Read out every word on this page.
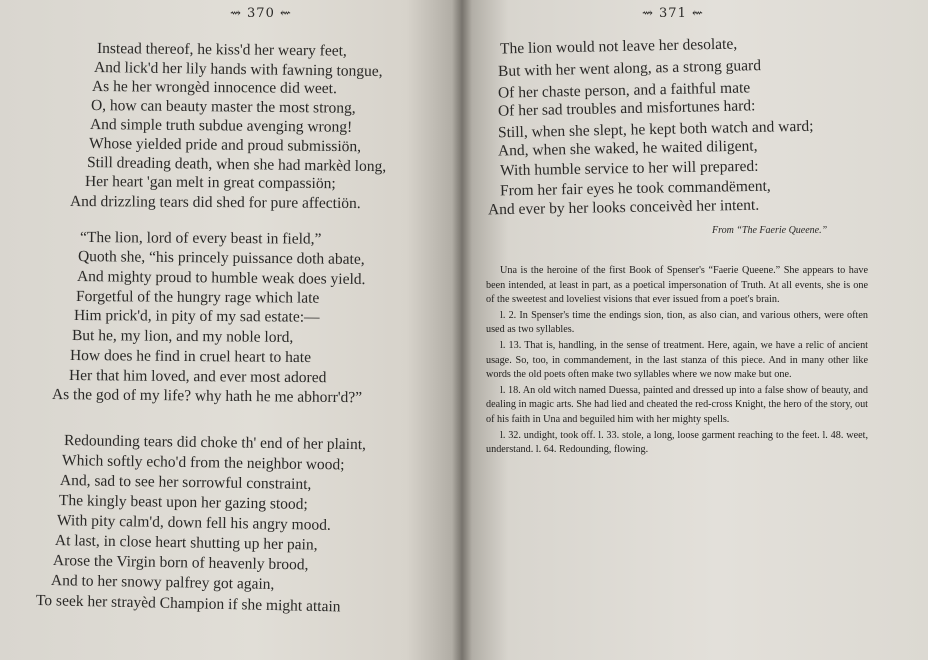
⇝ 370 ⇜
Instead thereof, he kiss'd her weary feet,
And lick'd her lily hands with fawning tongue,
As he her wrongèd innocence did weet.
O, how can beauty master the most strong,
And simple truth subdue avenging wrong!
Whose yielded pride and proud submissiön,
Still dreading death, when she had markèd long,
Her heart 'gan melt in great compassiön;
And drizzling tears did shed for pure affectiön.
“The lion, lord of every beast in field,”
Quoth she, “his princely puissance doth abate,
And mighty proud to humble weak does yield.
Forgetful of the hungry rage which late
Him prick'd, in pity of my sad estate:—
But he, my lion, and my noble lord,
How does he find in cruel heart to hate
Her that him loved, and ever most adored
As the god of my life? why hath he me abhorr'd?”
Redounding tears did choke th' end of her plaint,
Which softly echo'd from the neighbor wood;
And, sad to see her sorrowful constraint,
The kingly beast upon her gazing stood;
With pity calm'd, down fell his angry mood.
At last, in close heart shutting up her pain,
Arose the Virgin born of heavenly brood,
And to her snowy palfrey got again,
To seek her strayèd Champion if she might attain
⇝ 371 ⇜
The lion would not leave her desolate,
But with her went along, as a strong guard
Of her chaste person, and a faithful mate
Of her sad troubles and misfortunes hard:
Still, when she slept, he kept both watch and ward;
And, when she waked, he waited diligent,
With humble service to her will prepared:
From her fair eyes he took commandëment,
And ever by her looks conceivèd her intent.
From “The Faerie Queene.”

Una is the heroine of the first Book of Spenser's “Faerie Queene.” She appears to have been intended, at least in part, as a poetical impersonation of Truth. At all events, she is one of the sweetest and loveliest visions that ever issued from a poet's brain.

l. 2. In Spenser's time the endings sion, tion, as also cian, and various others, were often used as two syllables.

l. 13. That is, handling, in the sense of treatment. Here, again, we have a relic of ancient usage. So, too, in commandement, in the last stanza of this piece. And in many other like words the old poets often make two syllables where we now make but one.

l. 18. An old witch named Duessa, painted and dressed up into a false show of beauty, and dealing in magic arts. She had lied and cheated the red-cross Knight, the hero of the story, out of his faith in Una and beguiled him with her mighty spells.

l. 32. undight, took off. l. 33. stole, a long, loose garment reaching to the feet. l. 48. weet, understand. l. 64. Redounding, flowing.
